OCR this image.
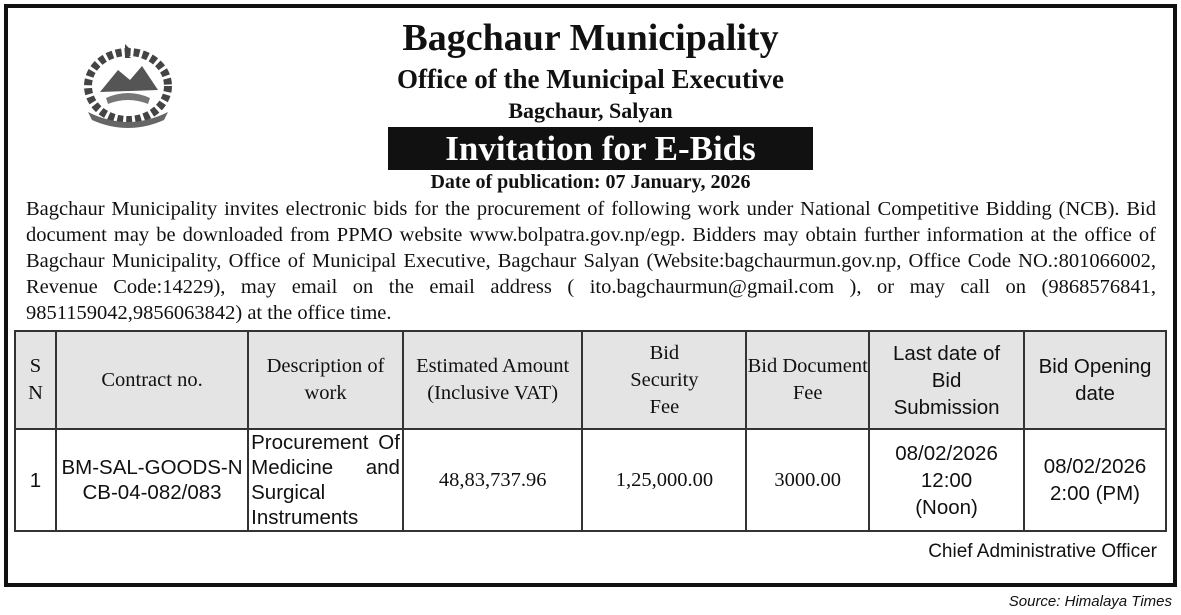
Bagchaur Municipality
Office of the Municipal Executive
Bagchaur, Salyan
Invitation for E-Bids
Date of publication: 07 January, 2026
Bagchaur Municipality invites electronic bids for the procurement of following work under National Competitive Bidding (NCB). Bid document may be downloaded from PPMO website www.bolpatra.gov.np/egp. Bidders may obtain further information at the office of Bagchaur Municipality, Office of Municipal Executive, Bagchaur Salyan (Website:bagchaurmun.gov.np, Office Code NO.:801066002, Revenue Code:14229), may email on the email address ( ito.bagchaurmun@gmail.com ), or may call on (9868576841, 9851159042,9856063842) at the office time.
S N	Contract no.	Description of work	Estimated Amount (Inclusive VAT)	Bid Security Fee	Bid Document Fee	Last date of Bid Submission	Bid Opening date
1	BM-SAL-GOODS-NCB-04-082/083	Procurement Of Medicine and Surgical Instruments	48,83,737.96	1,25,000.00	3000.00	08/02/2026 12:00 (Noon)	08/02/2026 2:00 (PM)
Chief Administrative Officer
Source: Himalaya Times
